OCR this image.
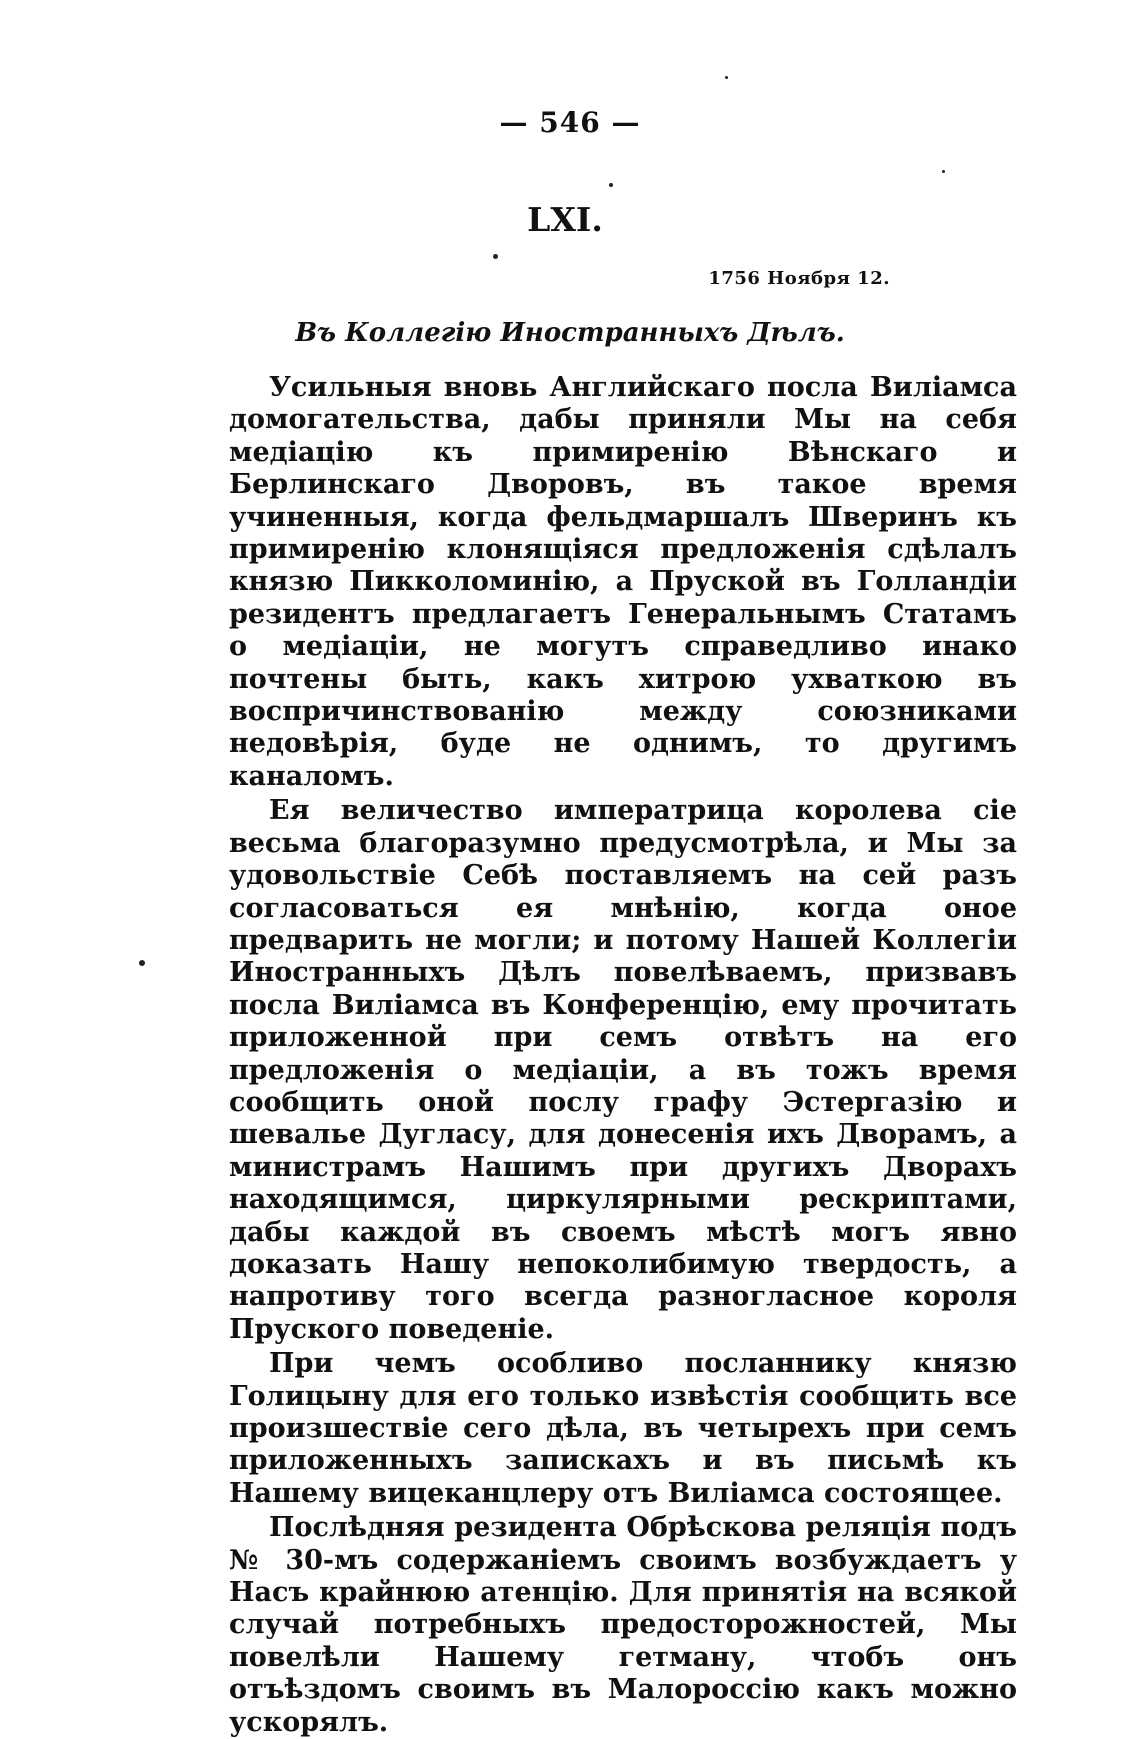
— 546 —
LXI.
1756 Ноября 12.
Въ Коллегію Иностранныхъ Дѣлъ.

Усильныя вновь Английскаго посла Виліамса домогательства, дабы приняли Мы на себя медіацію къ примиренію Вѣнскаго и Берлинскаго Дворовъ, въ такое время учиненныя, когда фельдмаршалъ Шверинъ къ примиренію клонящіяся предложенія сдѣлалъ князю Пикколоминію, а Пруской въ Голландіи резидентъ предлагаетъ Генеральнымъ Статамъ о медіаціи, не могутъ справедливо инако почтены быть, какъ хитрою ухваткою въ воспричинствованію между союзниками недовѣрія, буде не однимъ, то другимъ каналомъ.

Ея величество императрица королева сіе весьма благоразумно предусмотрѣла, и Мы за удовольствіе Себѣ поставляемъ на сей разъ согласоваться ея мнѣнію, когда оное предварить не могли; и потому Нашей Коллегіи Иностранныхъ Дѣлъ повелѣваемъ, призвавъ посла Виліамса въ Конференцію, ему прочитать приложенной при семъ отвѣтъ на его предложенія о медіаціи, а въ тожъ время сообщить оной послу графу Эстергазію и шевалье Дугласу, для донесенія ихъ Дворамъ, а министрамъ Нашимъ при другихъ Дворахъ находящимся, циркулярными рескриптами, дабы каждой въ своемъ мѣстѣ могъ явно доказать Нашу непоколибимую твердость, а напротиву того всегда разногласное короля Пруского поведеніе.

При чемъ особливо посланнику князю Голицыну для его только извѣстія сообщить все произшествіе сего дѣла, въ четырехъ при семъ приложенныхъ запискахъ и въ письмѣ къ Нашему вицеканцлеру отъ Виліамса состоящее.

Послѣдняя резидента Обрѣскова реляція подъ № 30-мъ содержаніемъ своимъ возбуждаетъ у Насъ крайнюю атенцію. Для принятія на всякой случай потребныхъ предосторожностей, Мы повелѣли Нашему гетману, чтобъ онъ отъѣздомъ своимъ въ Малороссію какъ можно ускорялъ.
